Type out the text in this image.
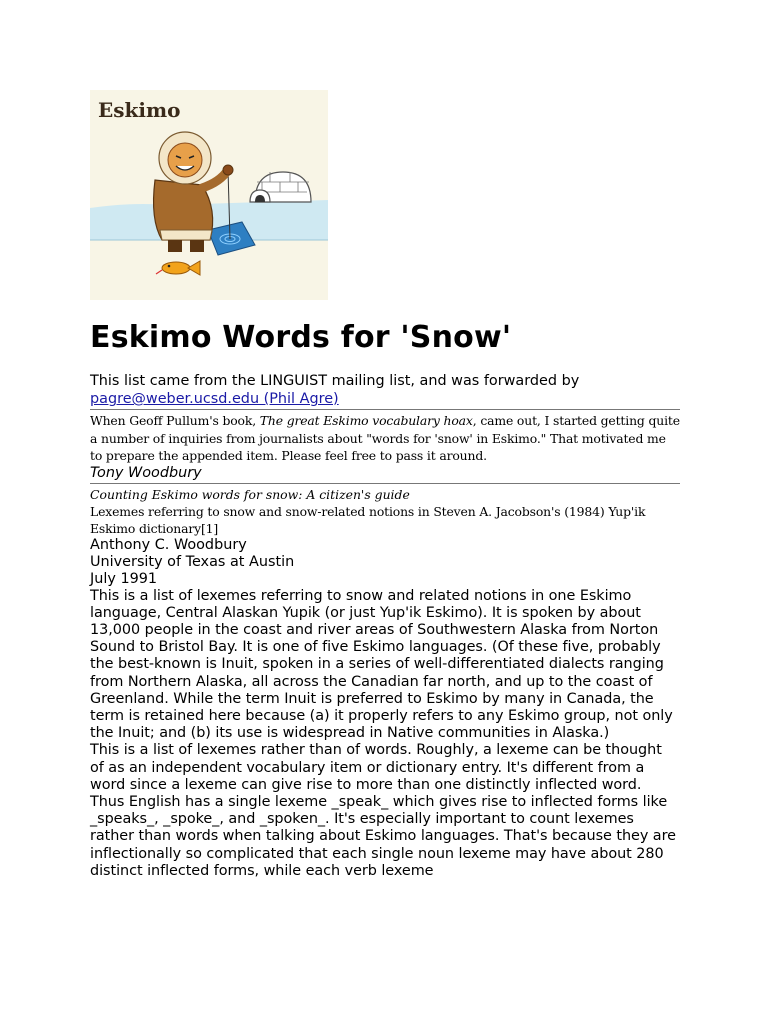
Eskimo
Eskimo Words for 'Snow'
This list came from the LINGUIST mailing list, and was forwarded by
pagre@weber.ucsd.edu (Phil Agre)
When Geoff Pullum's book, The great Eskimo vocabulary hoax, came out, I started getting quite a number of inquiries from journalists about "words for 'snow' in Eskimo." That motivated me to prepare the appended item. Please feel free to pass it around.
Tony Woodbury
Counting Eskimo words for snow: A citizen's guide
Lexemes referring to snow and snow-related notions in Steven A. Jacobson's (1984) Yup'ik Eskimo dictionary[1]
Anthony C. Woodbury
University of Texas at Austin
July 1991
This is a list of lexemes referring to snow and related notions in one Eskimo language, Central Alaskan Yupik (or just Yup'ik Eskimo). It is spoken by about 13,000 people in the coast and river areas of Southwestern Alaska from Norton Sound to Bristol Bay. It is one of five Eskimo languages. (Of these five, probably the best-known is Inuit, spoken in a series of well-differentiated dialects ranging from Northern Alaska, all across the Canadian far north, and up to the coast of Greenland. While the term Inuit is preferred to Eskimo by many in Canada, the term is retained here because (a) it properly refers to any Eskimo group, not only the Inuit; and (b) its use is widespread in Native communities in Alaska.)
This is a list of lexemes rather than of words. Roughly, a lexeme can be thought of as an independent vocabulary item or dictionary entry. It's different from a word since a lexeme can give rise to more than one distinctly inflected word. Thus English has a single lexeme _speak_ which gives rise to inflected forms like _speaks_, _spoke_, and _spoken_. It's especially important to count lexemes rather than words when talking about Eskimo languages. That's because they are inflectionally so complicated that each single noun lexeme may have about 280 distinct inflected forms, while each verb lexeme
